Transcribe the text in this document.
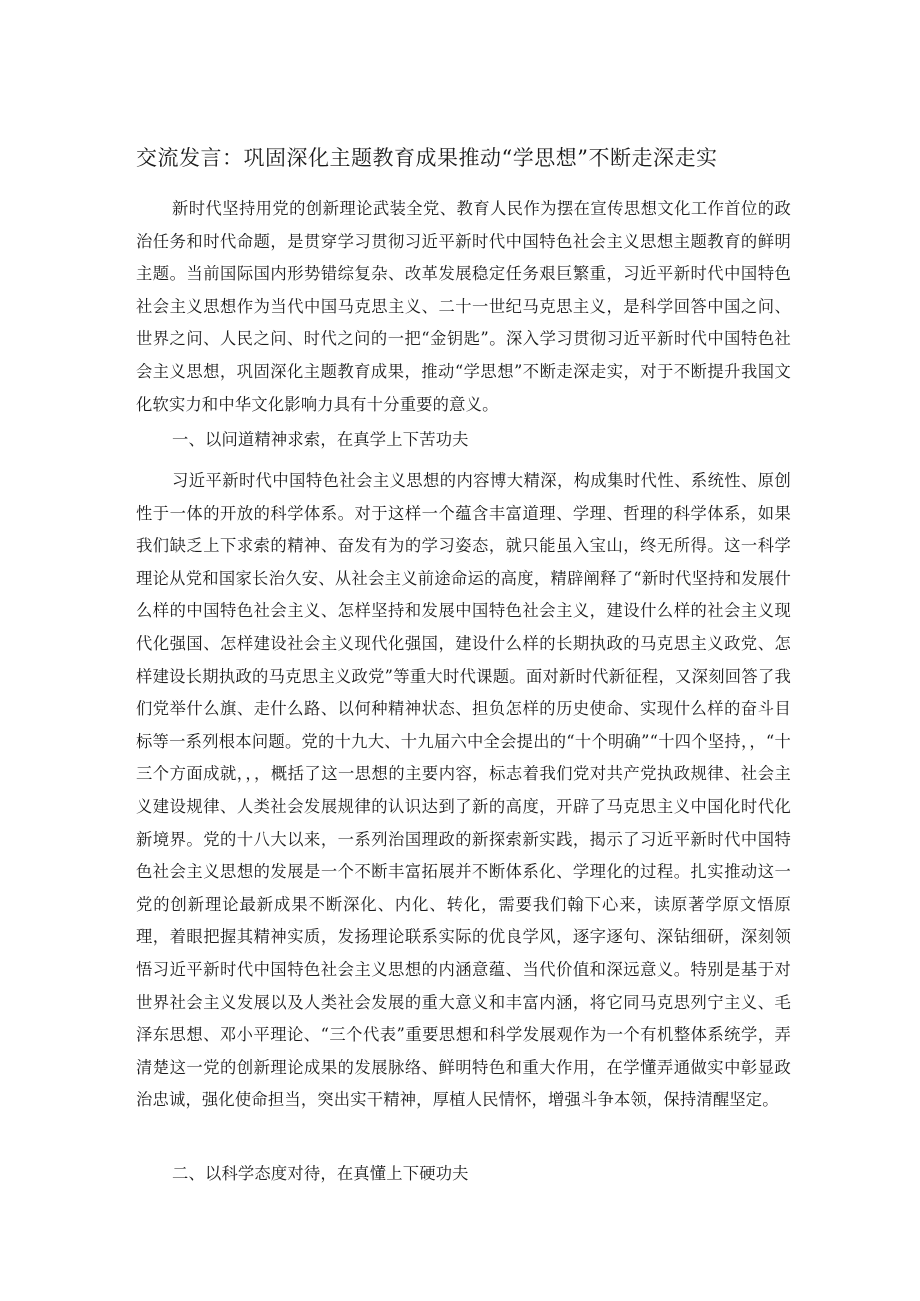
交流发言：巩固深化主题教育成果推动“学思想”不断走深走实

新时代坚持用党的创新理论武装全党、教育人民作为摆在宣传思想文化工作首位的政治任务和时代命题，是贯穿学习贯彻习近平新时代中国特色社会主义思想主题教育的鲜明主题。当前国际国内形势错综复杂、改革发展稳定任务艰巨繁重，习近平新时代中国特色社会主义思想作为当代中国马克思主义、二十一世纪马克思主义，是科学回答中国之问、世界之问、人民之问、时代之问的一把“金钥匙”。深入学习贯彻习近平新时代中国特色社会主义思想，巩固深化主题教育成果，推动“学思想”不断走深走实，对于不断提升我国文化软实力和中华文化影响力具有十分重要的意义。

一、以问道精神求索，在真学上下苦功夫

习近平新时代中国特色社会主义思想的内容博大精深，构成集时代性、系统性、原创性于一体的开放的科学体系。对于这样一个蕴含丰富道理、学理、哲理的科学体系，如果我们缺乏上下求索的精神、奋发有为的学习姿态，就只能虽入宝山，终无所得。这一科学理论从党和国家长治久安、从社会主义前途命运的高度，精辟阐释了“新时代坚持和发展什么样的中国特色社会主义、怎样坚持和发展中国特色社会主义，建设什么样的社会主义现代化强国、怎样建设社会主义现代化强国，建设什么样的长期执政的马克思主义政党、怎样建设长期执政的马克思主义政党”等重大时代课题。面对新时代新征程，又深刻回答了我们党举什么旗、走什么路、以何种精神状态、担负怎样的历史使命、实现什么样的奋斗目标等一系列根本问题。党的十九大、十九届六中全会提出的“十个明确”“十四个坚持，，“十三个方面成就，，，概括了这一思想的主要内容，标志着我们党对共产党执政规律、社会主义建设规律、人类社会发展规律的认识达到了新的高度，开辟了马克思主义中国化时代化新境界。党的十八大以来，一系列治国理政的新探索新实践，揭示了习近平新时代中国特色社会主义思想的发展是一个不断丰富拓展并不断体系化、学理化的过程。扎实推动这一党的创新理论最新成果不断深化、内化、转化，需要我们翰下心来，读原著学原文悟原理，着眼把握其精神实质，发扬理论联系实际的优良学风，逐字逐句、深钻细研，深刻领悟习近平新时代中国特色社会主义思想的内涵意蕴、当代价值和深远意义。特别是基于对世界社会主义发展以及人类社会发展的重大意义和丰富内涵，将它同马克思列宁主义、毛泽东思想、邓小平理论、“三个代表”重要思想和科学发展观作为一个有机整体系统学，弄清楚这一党的创新理论成果的发展脉络、鲜明特色和重大作用，在学懂弄通做实中彰显政治忠诚，强化使命担当，突出实干精神，厚植人民情怀，增强斗争本领，保持清醒坚定。

二、以科学态度对待，在真懂上下硬功夫
